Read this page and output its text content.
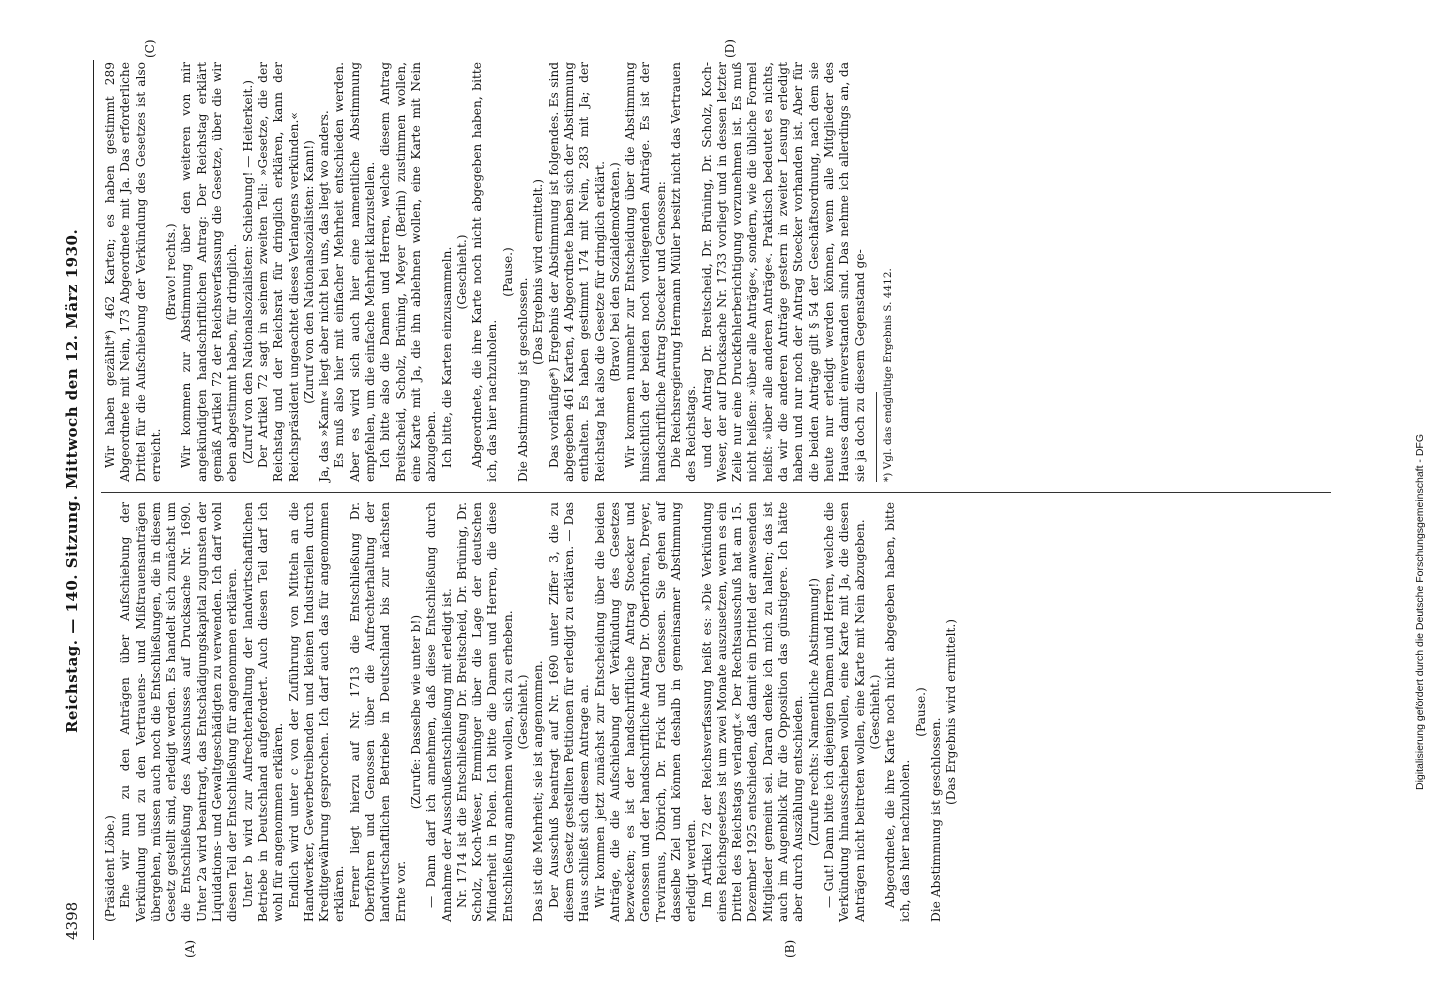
4398
Reichstag. — 140. Sitzung. Mittwoch den 12. März 1930.
(A)	(B)
(C)	(D)

(Präsident Löbe.) Ehe wir nun zu den Anträgen über Aufschiebung der Verkündung und zu den Vertrauens- und Mißtrauensanträgen übergehen, müssen auch noch die Entschließungen, die in diesem Gesetz gestellt sind, erledigt werden. Es handelt sich zunächst um die Entschließung des Ausschusses auf Drucksache Nr. 1690. Unter 2a wird beantragt, das Entschädigungskapital zugunsten der Liquidations- und Gewaltgeschädigten zu verwenden. Ich darf wohl diesen Teil der Entschließung für angenommen erklären. Unter b wird zur Aufrechterhaltung der landwirtschaftlichen Betriebe in Deutschland aufgefordert. Auch diesen Teil darf ich wohl für angenommen erklären. Endlich wird unter c von der Zuführung von Mitteln an die Handwerker, Gewerbetreibenden und kleinen Industriellen durch Kreditgewährung gesprochen. Ich darf auch das für angenommen erklären. Ferner liegt hierzu auf Nr. 1713 die Entschließung Dr. Oberfohren und Genossen über die Aufrechterhaltung der landwirtschaftlichen Betriebe in Deutschland bis zur nächsten Ernte vor.

(Zurufe: Dasselbe wie unter b!) — Dann darf ich annehmen, daß diese Entschließung durch Annahme der Ausschußentschließung mit erledigt ist. Nr. 1714 ist die Entschließung Dr. Breitscheid, Dr. Brüning, Dr. Scholz, Koch-Weser, Emminger über die Lage der deutschen Minderheit in Polen. Ich bitte die Damen und Herren, die diese Entschließung annehmen wollen, sich zu erheben. (Geschieht.) Das ist die Mehrheit; sie ist angenommen. Der Ausschuß beantragt auf Nr. 1690 unter Ziffer 3, die zu diesem Gesetz gestellten Petitionen für erledigt zu erklären. — Das Haus schließt sich diesem Antrage an. Wir kommen jetzt zunächst zur Entscheidung über die beiden Anträge, die die Aufschiebung der Verkündung des Gesetzes bezwecken; es ist der handschriftliche Antrag Stoecker und Genossen und der handschriftliche Antrag Dr. Oberfohren, Dreyer, Treviranus, Döbrich, Dr. Frick und Genossen. Sie gehen auf dasselbe Ziel und können deshalb in gemeinsamer Abstimmung erledigt werden. Im Artikel 72 der Reichsverfassung heißt es: »Die Verkündung eines Reichsgesetzes ist um zwei Monate auszusetzen, wenn es ein Drittel des Reichstags verlangt.« Der Rechtsausschuß hat am 15. Dezember 1925 entschieden, daß damit ein Drittel der anwesenden Mitglieder gemeint sei. Daran denke ich mich zu halten; das ist auch im Augenblick für die Opposition das günstigere. Ich hätte aber durch Auszählung entschieden. (Zurufe rechts: Namentliche Abstimmung!) — Gut! Dann bitte ich diejenigen Damen und Herren, welche die Verkündung hinausschieben wollen, eine Karte mit Ja, die diesen Anträgen nicht beitreten wollen, eine Karte mit Nein abzugeben. (Geschieht.) Abgeordnete, die ihre Karte noch nicht abgegeben haben, bitte ich, das hier nachzuholen.

(Pause.)

Die Abstimmung ist geschlossen.

(Das Ergebnis wird ermittelt.)

Wir haben gezählt*) 462 Karten; es haben gestimmt 289 Abgeordnete mit Nein, 173 Abgeordnete mit Ja. Das erforderliche Drittel für die Aufschiebung der Verkündung des Gesetzes ist also erreicht.

(Bravo! rechts.) Wir kommen zur Abstimmung über den weiteren von mir angekündigten handschriftlichen Antrag: Der Reichstag erklärt gemäß Artikel 72 der Reichsverfassung die Gesetze, über die wir eben abgestimmt haben, für dringlich. (Zuruf von den Nationalsozialisten: Schiebung! — Heiterkeit.) Der Artikel 72 sagt in seinem zweiten Teil: »Gesetze, die der Reichstag und der Reichsrat für dringlich erklären, kann der Reichspräsident ungeachtet dieses Verlangens verkünden.« (Zuruf von den Nationalsozialisten: Kann!) Ja, das »Kann« liegt aber nicht bei uns, das liegt wo anders. Es muß also hier mit einfacher Mehrheit entschieden werden. Aber es wird sich auch hier eine namentliche Abstimmung empfehlen, um die einfache Mehrheit klarzustellen. Ich bitte also die Damen und Herren, welche diesem Antrag Breitscheid, Scholz, Brüning, Meyer (Berlin) zustimmen wollen, eine Karte mit Ja, die ihn ablehnen wollen, eine Karte mit Nein abzugeben. Ich bitte, die Karten einzusammeln. (Geschieht.) Abgeordnete, die ihre Karte noch nicht abgegeben haben, bitte ich, das hier nachzuholen.

(Pause.)

Die Abstimmung ist geschlossen.

(Das Ergebnis wird ermittelt.) Das vorläufige*) Ergebnis der Abstimmung ist folgendes. Es sind abgegeben 461 Karten, 4 Abgeordnete haben sich der Abstimmung enthalten. Es haben gestimmt 174 mit Nein, 283 mit Ja; der Reichstag hat also die Gesetze für dringlich erklärt. (Bravo! bei den Sozialdemokraten.) Wir kommen nunmehr zur Entscheidung über die Abstimmung hinsichtlich der beiden noch vorliegenden Anträge. Es ist der handschriftliche Antrag Stoecker und Genossen: Die Reichsregierung Hermann Müller besitzt nicht das Vertrauen des Reichstags. und der Antrag Dr. Breitscheid, Dr. Brüning, Dr. Scholz, Koch-Weser, der auf Drucksache Nr. 1733 vorliegt und in dessen letzter Zeile nur eine Druckfehlerberichtigung vorzunehmen ist. Es muß nicht heißen: »über alle Anträge«, sondern, wie die übliche Formel heißt: »über alle anderen Anträge«. Praktisch bedeutet es nichts, da wir die anderen Anträge gestern in zweiter Lesung erledigt haben und nur noch der Antrag Stoecker vorhanden ist. Aber für die beiden Anträge gilt § 54 der Geschäftsordnung, nach dem sie heute nur erledigt werden können, wenn alle Mitglieder des Hauses damit einverstanden sind. Das nehme ich allerdings an, da sie ja doch zu diesem Gegenstand ge- *) Vgl. das endgültige Ergebnis S. 4412.
Digitalisierung gefördert durch die Deutsche Forschungsgemeinschaft - DFG
